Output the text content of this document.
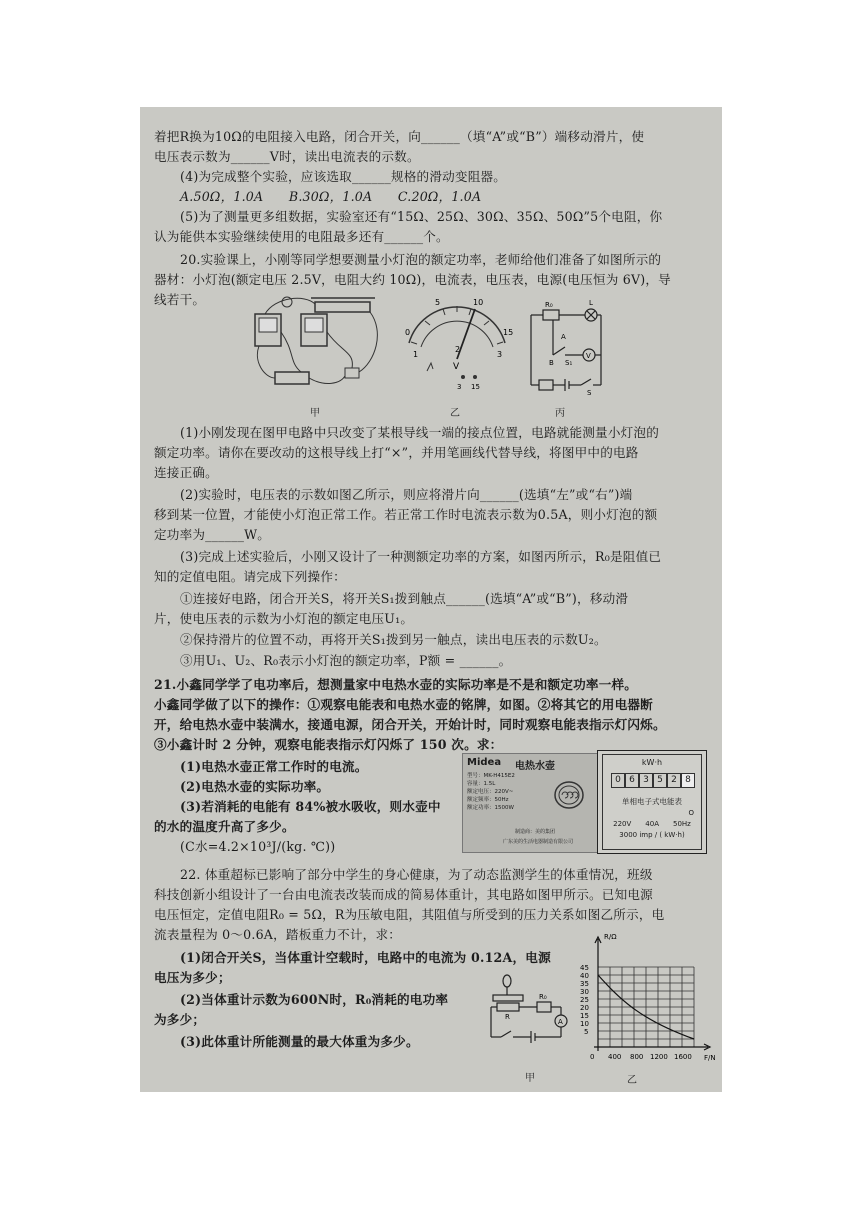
着把R换为10Ω的电阻接入电路，闭合开关，向______（填“A”或“B”）端移动滑片，使
电压表示数为______V时，读出电流表的示数。
(4)为完成整个实验，应该选取______规格的滑动变阻器。
A.50Ω，1.0A　　B.30Ω，1.0A　　C.20Ω，1.0A
(5)为了测量更多组数据，实验室还有“15Ω、25Ω、30Ω、35Ω、50Ω”5个电阻，你
认为能供本实验继续使用的电阻最多还有______个。
20.实验课上，小刚等同学想要测量小灯泡的额定功率，老师给他们准备了如图所示的
器材：小灯泡(额定电压 2.5V，电阻大约 10Ω)，电流表，电压表，电源(电压恒为 6V)，导
线若干。
甲
0
5	10
15
1
2
3
V
3 15
乙
R₀	L
A
B S₁
V
S
丙
(1)小刚发现在图甲电路中只改变了某根导线一端的接点位置，电路就能测量小灯泡的
额定功率。请你在要改动的这根导线上打“×”，并用笔画线代替导线，将图甲中的电路
连接正确。
(2)实验时，电压表的示数如图乙所示，则应将滑片向______(选填“左”或“右”)端
移到某一位置，才能使小灯泡正常工作。若正常工作时电流表示数为0.5A，则小灯泡的额
定功率为______W。
(3)完成上述实验后，小刚又设计了一种测额定功率的方案，如图丙所示，R₀是阻值已
知的定值电阻。请完成下列操作：
①连接好电路，闭合开关S，将开关S₁拨到触点______(选填“A”或“B”)，移动滑
片，使电压表的示数为小灯泡的额定电压U₁。
②保持滑片的位置不动，再将开关S₁拨到另一触点，读出电压表的示数U₂。
③用U₁、U₂、R₀表示小灯泡的额定功率，P额 = ______。
21.小鑫同学学了电功率后，想测量家中电热水壶的实际功率是不是和额定功率一样。
小鑫同学做了以下的操作：①观察电能表和电热水壶的铭牌，如图。②将其它的用电器断
开，给电热水壶中装满水，接通电源，闭合开关，开始计时，同时观察电能表指示灯闪烁。
③小鑫计时 2 分钟，观察电能表指示灯闪烁了 150 次。求：
(1)电热水壶正常工作时的电流。
(2)电热水壶的实际功率。
(3)若消耗的电能有 84%被水吸收，则水壶中
的水的温度升高了多少。
(C水=4.2×10³J/(kg. ℃))
Midea 电热水壶
型号：MK-H415E2
容量：1.5L
额定电压：220V~
额定频率：50Hz
额定功率：1500W
制造商：美的集团
广东美的生活电器制造有限公司
kW·h
0 6 3 5 2 8
单相电子式电能表
O
220V　　40A　　50Hz
3000 imp / ( kW·h)
22. 体重超标已影响了部分中学生的身心健康，为了动态监测学生的体重情况，班级
科技创新小组设计了一台由电流表改装而成的简易体重计，其电路如图甲所示。已知电源
电压恒定，定值电阻R₀ = 5Ω，R为压敏电阻，其阻值与所受到的压力关系如图乙所示，电
流表量程为 0～0.6A，踏板重力不计，求：
(1)闭合开关S，当体重计空载时，电路中的电流为 0.12A，电源
电压为多少；
(2)当体重计示数为600N时，R₀消耗的电功率
为多少；
(3)此体重计所能测量的最大体重为多少。
R₀
R
A
甲
R/Ω
F/N
45
40
35
30
25
20
15
10
5
0 400 800 1200 1600
乙
